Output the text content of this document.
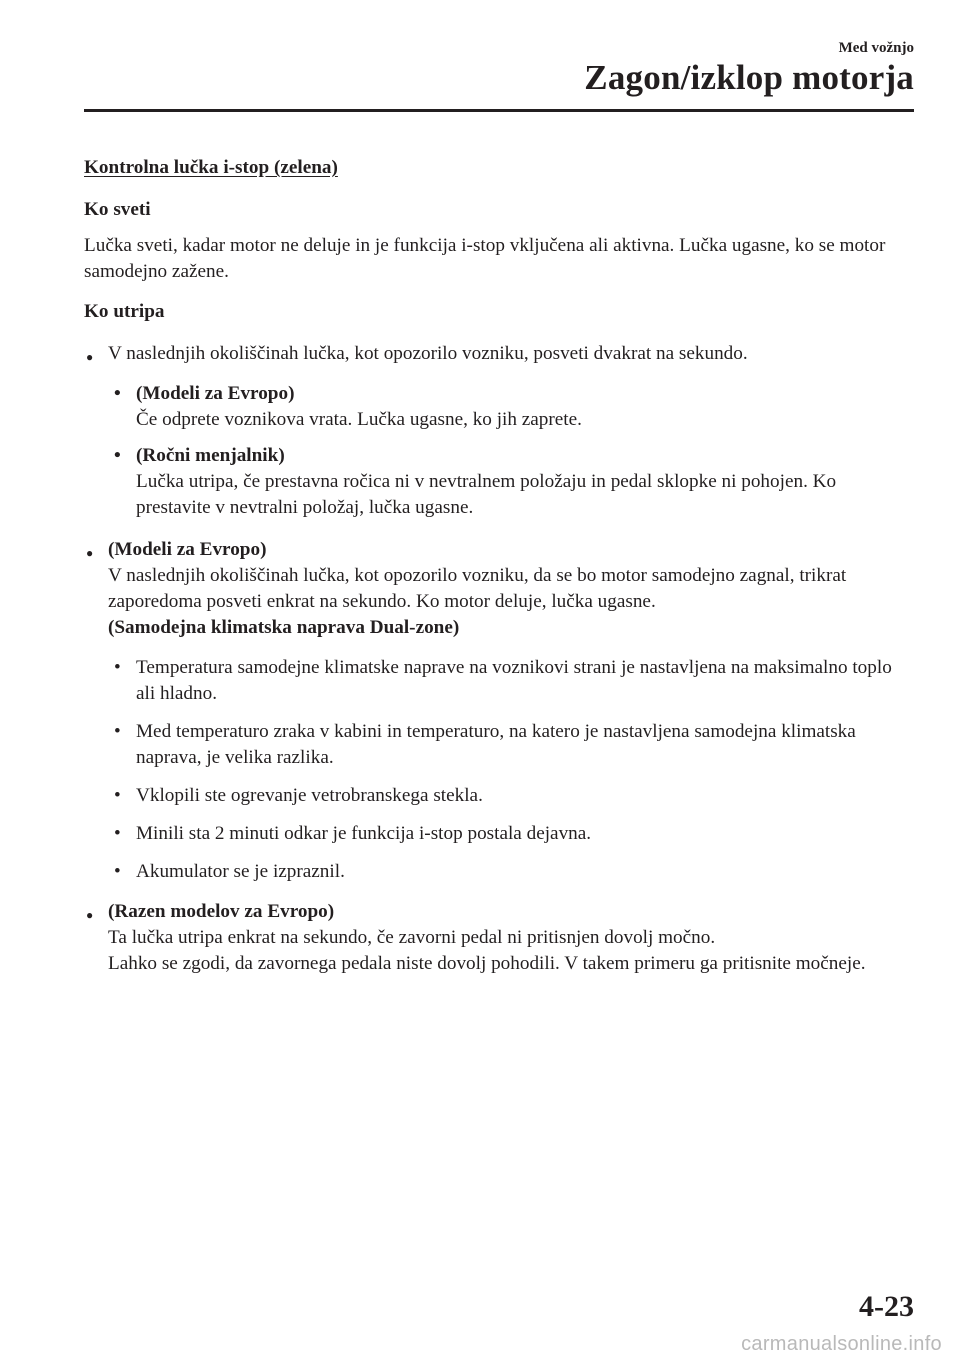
Med vožnjo
Zagon/izklop motorja

Kontrolna lučka i-stop (zelena)

Ko sveti

Lučka sveti, kadar motor ne deluje in je funkcija i-stop vključena ali aktivna. Lučka ugasne, ko se motor samodejno zažene.

Ko utripa

● V naslednjih okoliščinah lučka, kot opozorilo vozniku, posveti dvakrat na sekundo.
• (Modeli za Evropo)
Če odprete voznikova vrata. Lučka ugasne, ko jih zaprete.
• (Ročni menjalnik)
Lučka utripa, če prestavna ročica ni v nevtralnem položaju in pedal sklopke ni pohojen. Ko prestavite v nevtralni položaj, lučka ugasne.
● (Modeli za Evropo)
V naslednjih okoliščinah lučka, kot opozorilo vozniku, da se bo motor samodejno zagnal, trikrat zaporedoma posveti enkrat na sekundo. Ko motor deluje, lučka ugasne.
(Samodejna klimatska naprava Dual-zone)
• Temperatura samodejne klimatske naprave na voznikovi strani je nastavljena na maksimalno toplo ali hladno.
• Med temperaturo zraka v kabini in temperaturo, na katero je nastavljena samodejna klimatska naprava, je velika razlika.
• Vklopili ste ogrevanje vetrobranskega stekla.
• Minili sta 2 minuti odkar je funkcija i-stop postala dejavna.
• Akumulator se je izpraznil.
● (Razen modelov za Evropo)
Ta lučka utripa enkrat na sekundo, če zavorni pedal ni pritisnjen dovolj močno.
Lahko se zgodi, da zavornega pedala niste dovolj pohodili. V takem primeru ga pritisnite močneje.
4-23
carmanualsonline.info
